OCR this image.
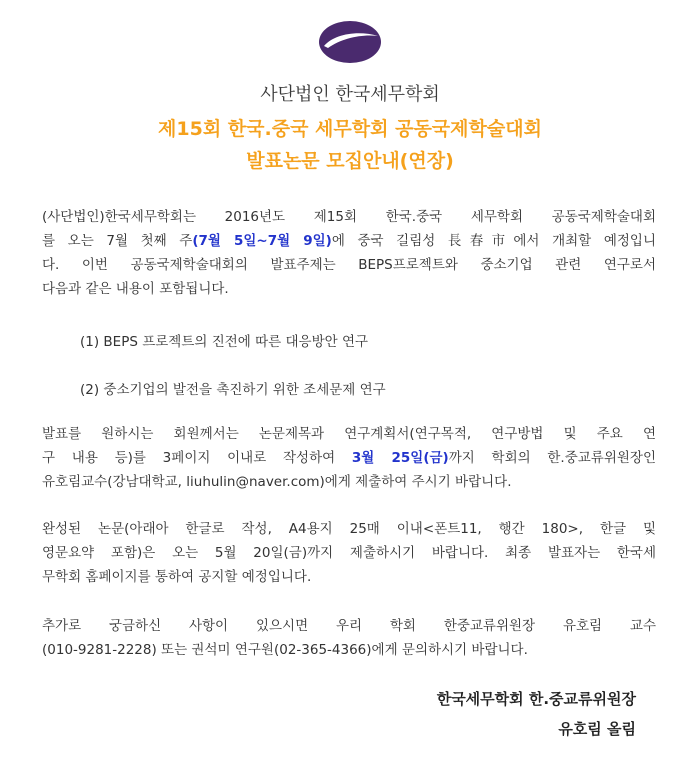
사단법인 한국세무학회
제15회 한국.중국 세무학회 공동국제학술대회
발표논문 모집안내(연장)
(사단법인)한국세무학회는 2016년도 제15회 한국.중국 세무학회 공동국제학술대회
를 오는 7월 첫째 주(7월 5일~7월 9일)에 중국 길림성 長春市에서 개최할 예정입니
다. 이번 공동국제학술대회의 발표주제는 BEPS프로젝트와 중소기업 관련 연구로서
다음과 같은 내용이 포함됩니다.
(1) BEPS 프로젝트의 진전에 따른 대응방안 연구
(2) 중소기업의 발전을 촉진하기 위한 조세문제 연구
발표를 원하시는 회원께서는 논문제목과 연구계획서(연구목적, 연구방법 및 주요 연
구 내용 등)를 3페이지 이내로 작성하여 3월 25일(금)까지 학회의 한.중교류위원장인
유호림교수(강남대학교, liuhulin@naver.com)에게 제출하여 주시기 바랍니다.
완성된 논문(아래아 한글로 작성, A4용지 25매 이내<폰트11, 행간 180>, 한글 및
영문요약 포함)은 오는 5월 20일(금)까지 제출하시기 바랍니다. 최종 발표자는 한국세
무학회 홈페이지를 통하여 공지할 예정입니다.
추가로 궁금하신 사항이 있으시면 우리 학회 한중교류위원장 유호림 교수
(010-9281-2228) 또는 권석미 연구원(02-365-4366)에게 문의하시기 바랍니다.
한국세무학회 한.중교류위원장
유호림 올림
